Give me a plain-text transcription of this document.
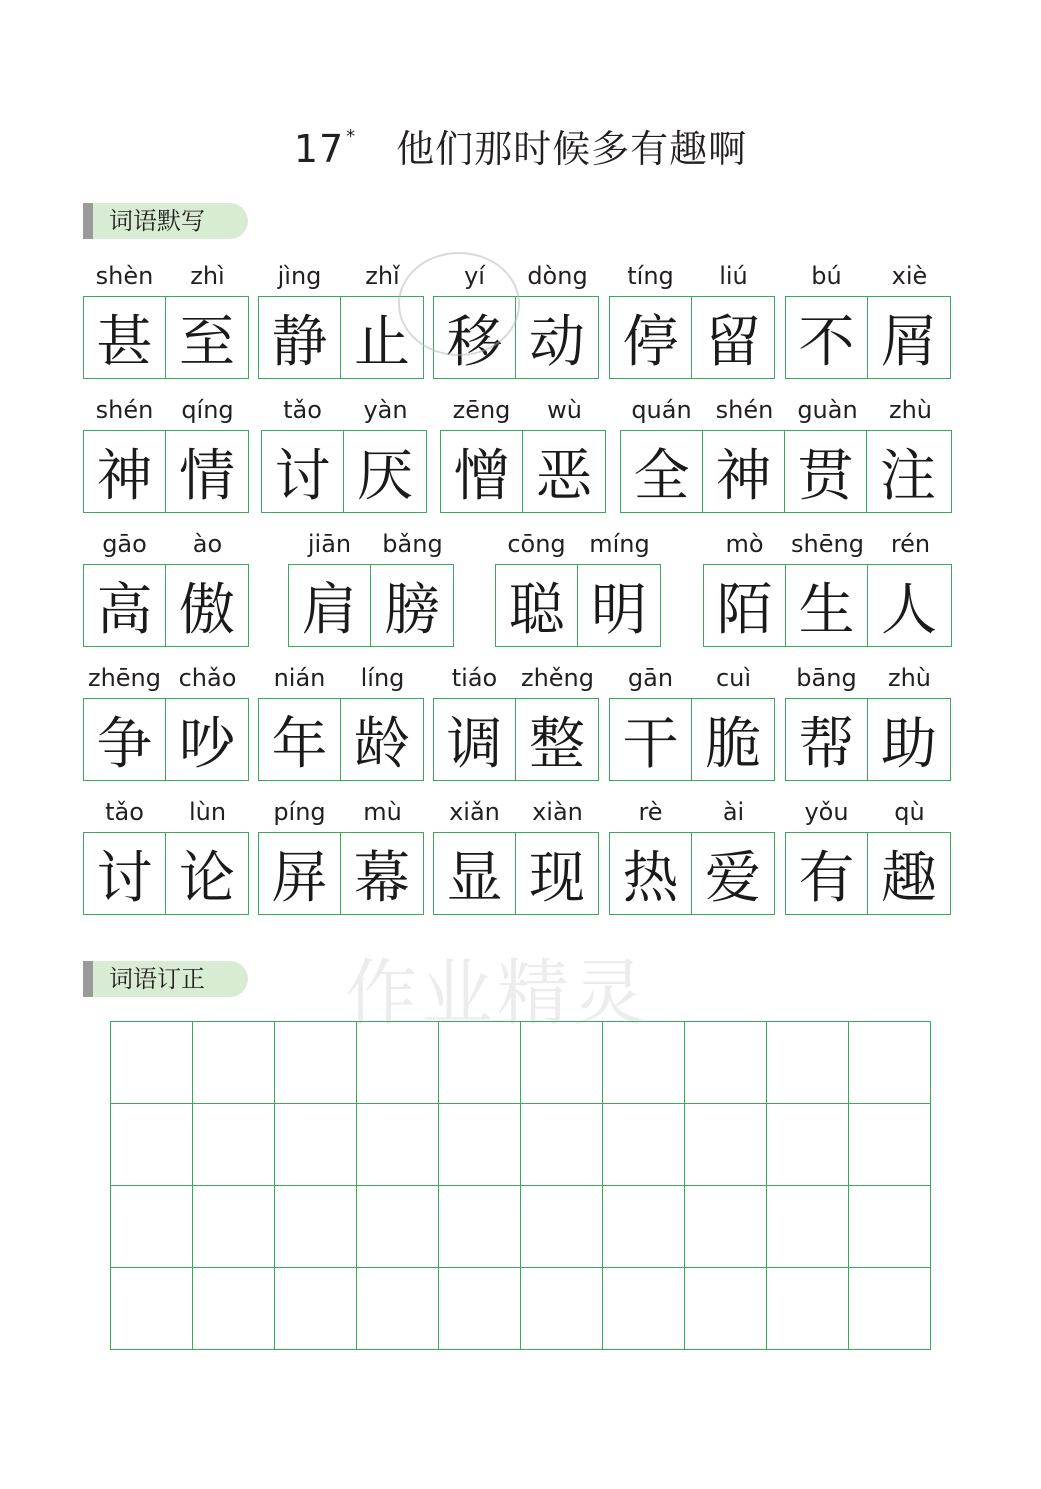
17 * 他们那时候多有趣啊
词语默写
shèn	zhì
甚 至
jìng	zhǐ
静 止
yí	dòng
移 动
tíng	liú
停 留
bú	xiè
不 屑
shén	qíng
神 情
tǎo	yàn
讨 厌
zēng	wù
憎 恶
quán shén guàn	zhù
全 神 贯 注
gāo	ào
高 傲
jiān	bǎng
肩 膀
cōng míng
聪 明
mò	shēng	rén
陌 生 人
zhēng chǎo
争 吵
nián	líng
年 龄
tiáo zhěng
调 整
gān	cuì
干 脆
bāng	zhù
帮 助
tǎo	lùn
讨 论
píng	mù
屏 幕
xiǎn	xiàn
显 现
rè	ài
热 爱
yǒu	qù
有 趣
词语订正	作业精灵
